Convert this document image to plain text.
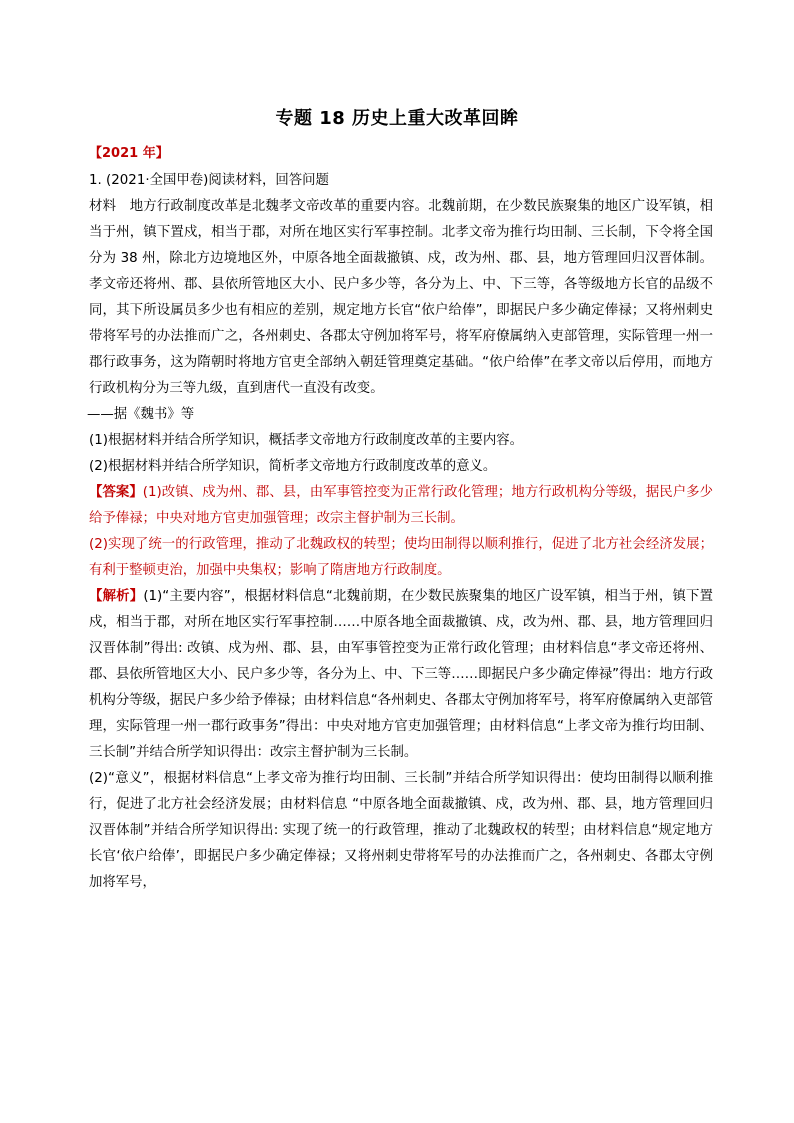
专题 18 历史上重大改革回眸
【2021 年】

1. (2021·全国甲卷)阅读材料，回答问题

材料　地方行政制度改革是北魏孝文帝改革的重要内容。北魏前期，在少数民族聚集的地区广设军镇，相当于州，镇下置戍，相当于郡，对所在地区实行军事控制。北孝文帝为推行均田制、三长制，下令将全国分为 38 州，除北方边境地区外，中原各地全面裁撤镇、戍，改为州、郡、县，地方管理回归汉晋体制。孝文帝还将州、郡、县依所管地区大小、民户多少等，各分为上、中、下三等，各等级地方长官的品级不同，其下所设属员多少也有相应的差别，规定地方长官“依户给俸”，即据民户多少确定俸禄；又将州刺史带将军号的办法推而广之，各州刺史、各郡太守例加将军号，将军府僚属纳入吏部管理，实际管理一州一郡行政事务，这为隋朝时将地方官吏全部纳入朝廷管理奠定基础。“依户给俸”在孝文帝以后停用，而地方行政机构分为三等九级，直到唐代一直没有改变。

——据《魏书》等

(1)根据材料并结合所学知识，概括孝文帝地方行政制度改革的主要内容。

(2)根据材料并结合所学知识，简析孝文帝地方行政制度改革的意义。

【答案】(1)改镇、戍为州、郡、县，由军事管控变为正常行政化管理；地方行政机构分等级，据民户多少给予俸禄；中央对地方官吏加强管理；改宗主督护制为三长制。

(2)实现了统一的行政管理，推动了北魏政权的转型；使均田制得以顺利推行，促进了北方社会经济发展；有利于整顿吏治，加强中央集权；影响了隋唐地方行政制度。

【解析】(1)“主要内容”，根据材料信息“北魏前期，在少数民族聚集的地区广设军镇，相当于州，镇下置戍，相当于郡，对所在地区实行军事控制……中原各地全面裁撤镇、戍，改为州、郡、县，地方管理回归汉晋体制”得出: 改镇、戍为州、郡、县，由军事管控变为正常行政化管理；由材料信息“孝文帝还将州、郡、县依所管地区大小、民户多少等，各分为上、中、下三等……即据民户多少确定俸禄”得出：地方行政机构分等级，据民户多少给予俸禄；由材料信息“各州刺史、各郡太守例加将军号，将军府僚属纳入吏部管理，实际管理一州一郡行政事务”得出：中央对地方官吏加强管理；由材料信息“上孝文帝为推行均田制、三长制”并结合所学知识得出：改宗主督护制为三长制。

(2)“意义”，根据材料信息“上孝文帝为推行均田制、三长制”并结合所学知识得出：使均田制得以顺利推行，促进了北方社会经济发展；由材料信息 “中原各地全面裁撤镇、戍，改为州、郡、县，地方管理回归汉晋体制”并结合所学知识得出: 实现了统一的行政管理，推动了北魏政权的转型；由材料信息“规定地方长官‘依户给俸’，即据民户多少确定俸禄；又将州刺史带将军号的办法推而广之，各州刺史、各郡太守例加将军号，
